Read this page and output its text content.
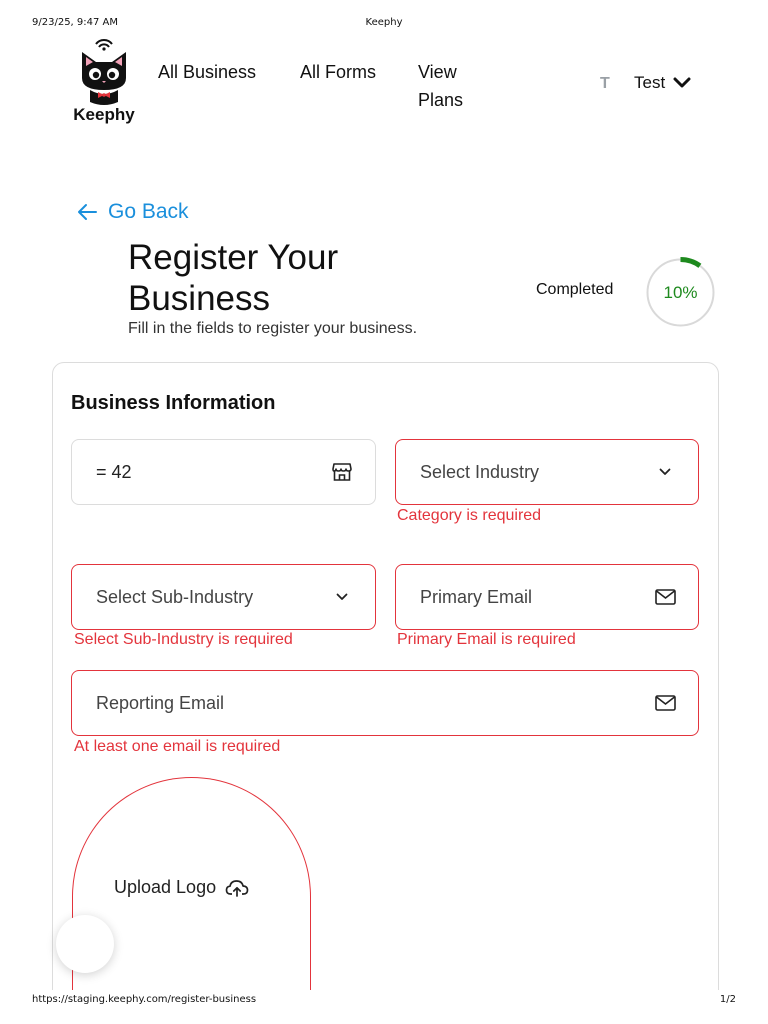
9/23/25, 9:47 AM	Keephy
Keephy
All Business	All Forms View Plans
T Test
Go Back
Register Your Business

Fill in the fields to register your business.

Completed	10%
Business Information
= 42	Select Industry
Category is required
Select Sub-Industry
Select Sub-Industry is required
Primary Email	Primary Email is required
Reporting Email
At least one email is required
Upload Logo
https://staging.keephy.com/register-business	1/2
